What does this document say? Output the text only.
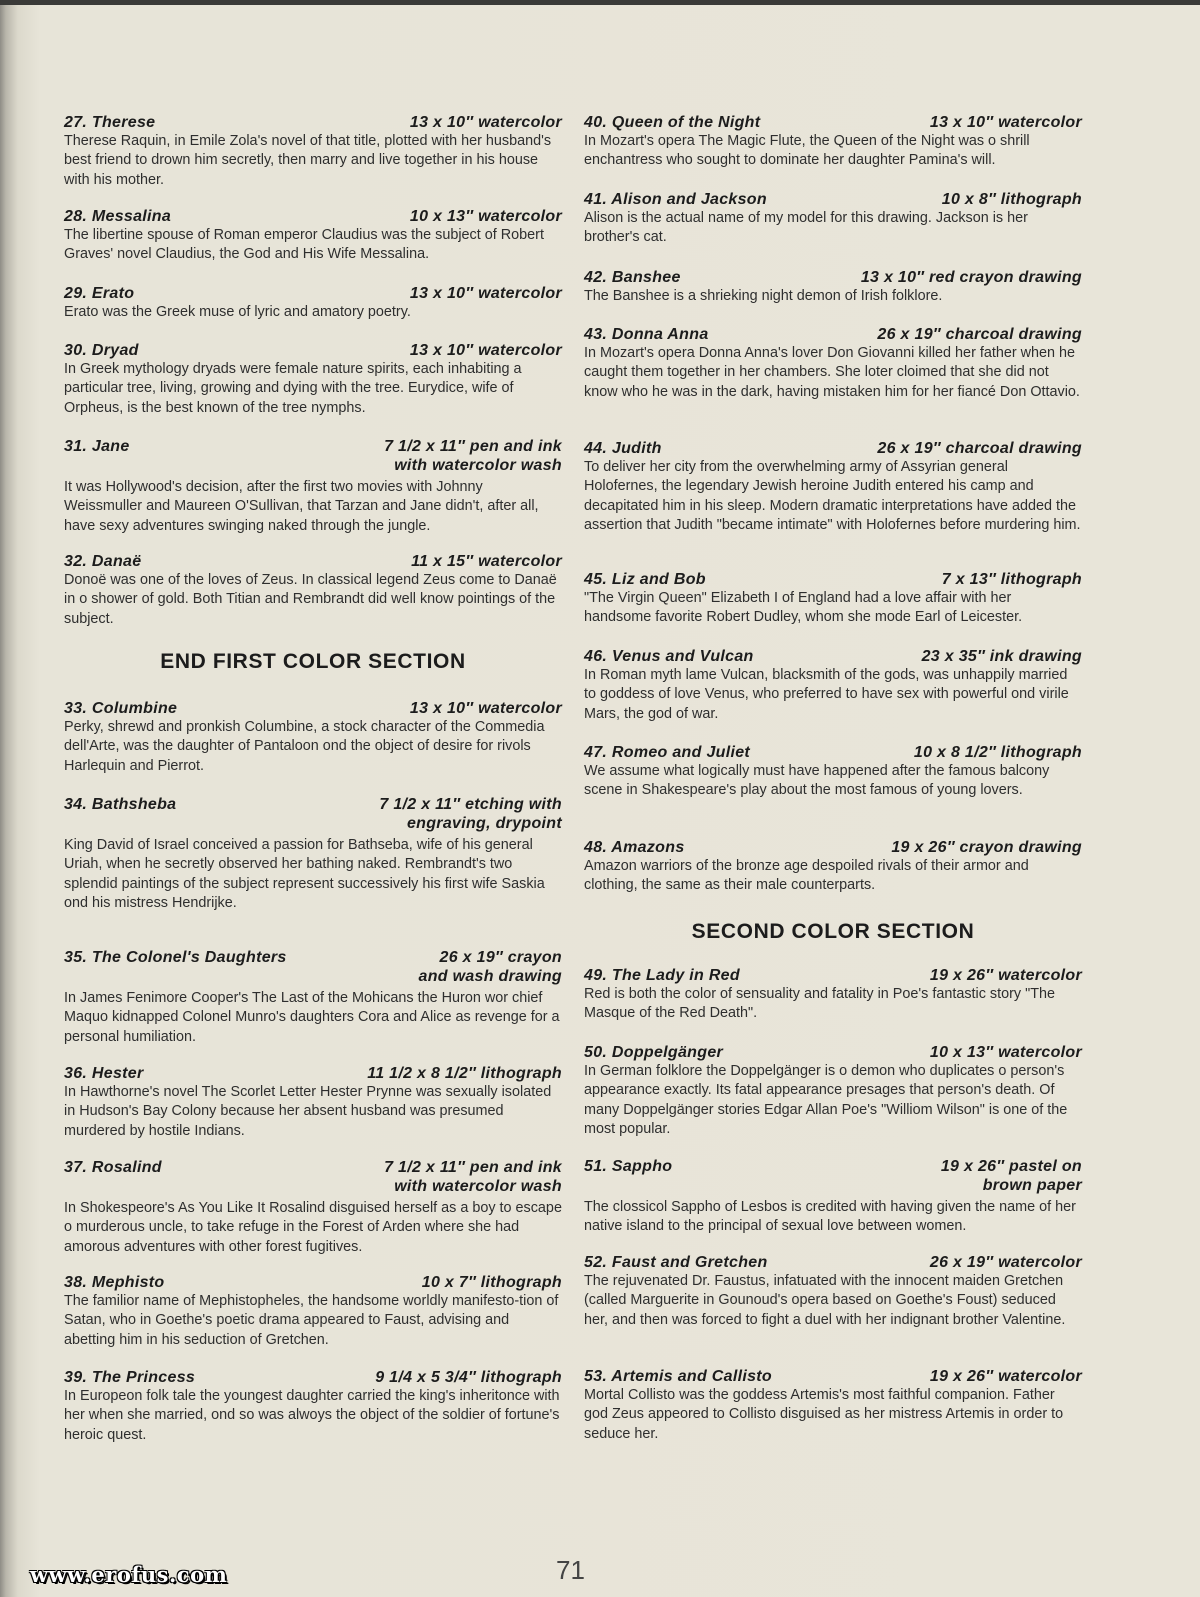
27. Therese	13 x 10″ watercolor
Therese Raquin, in Emile Zola's novel of that title, plotted with her husband's best friend to drown him secretly, then marry and live together in his house with his mother.
28. Messalina	10 x 13″ watercolor
The libertine spouse of Roman emperor Claudius was the subject of Robert Graves' novel Claudius, the God and His Wife Messalina.
29. Erato	13 x 10″ watercolor
Erato was the Greek muse of lyric and amatory poetry.
30. Dryad	13 x 10″ watercolor
In Greek mythology dryads were female nature spirits, each inhabiting a particular tree, living, growing and dying with the tree. Eurydice, wife of Orpheus, is the best known of the tree nymphs.
31. Jane	7 1/2 x 11″ pen and ink
with watercolor wash
It was Hollywood's decision, after the first two movies with Johnny Weissmuller and Maureen O'Sullivan, that Tarzan and Jane didn't, after all, have sexy adventures swinging naked through the jungle.
32. Danaë	11 x 15″ watercolor
Donoë was one of the loves of Zeus. In classical legend Zeus come to Danaë in o shower of gold. Both Titian and Rembrandt did well know pointings of the subject.
END FIRST COLOR SECTION
33. Columbine	13 x 10″ watercolor
Perky, shrewd and pronkish Columbine, a stock character of the Commedia dell'Arte, was the daughter of Pantaloon ond the object of desire for rivols Harlequin and Pierrot.
34. Bathsheba	7 1/2 x 11″ etching with
engraving, drypoint
King David of Israel conceived a passion for Bathseba, wife of his general Uriah, when he secretly observed her bathing naked. Rembrandt's two splendid paintings of the subject represent successively his first wife Saskia ond his mistress Hendrijke.
35. The Colonel's Daughters	26 x 19″ crayon
and wash drawing
In James Fenimore Cooper's The Last of the Mohicans the Huron wor chief Maquo kidnapped Colonel Munro's daughters Cora and Alice as revenge for a personal humiliation.
36. Hester	11 1/2 x 8 1/2″ lithograph
In Hawthorne's novel The Scorlet Letter Hester Prynne was sexually isolated in Hudson's Bay Colony because her absent husband was presumed murdered by hostile Indians.
37. Rosalind	7 1/2 x 11″ pen and ink
with watercolor wash
In Shokespeore's As You Like It Rosalind disguised herself as a boy to escape o murderous uncle, to take refuge in the Forest of Arden where she had amorous adventures with other forest fugitives.
38. Mephisto	10 x 7″ lithograph
The familior name of Mephistopheles, the handsome worldly manifesto-tion of Satan, who in Goethe's poetic drama appeared to Faust, advising and abetting him in his seduction of Gretchen.
39. The Princess	9 1/4 x 5 3/4″ lithograph
In Europeon folk tale the youngest daughter carried the king's inheritonce with her when she married, ond so was alwoys the object of the soldier of fortune's heroic quest.
40. Queen of the Night	13 x 10″ watercolor
In Mozart's opera The Magic Flute, the Queen of the Night was o shrill enchantress who sought to dominate her daughter Pamina's will.
41. Alison and Jackson	10 x 8″ lithograph
Alison is the actual name of my model for this drawing. Jackson is her brother's cat.
42. Banshee	13 x 10″ red crayon drawing
The Banshee is a shrieking night demon of Irish folklore.
43. Donna Anna	26 x 19″ charcoal drawing
In Mozart's opera Donna Anna's lover Don Giovanni killed her father when he caught them together in her chambers. She loter cloimed that she did not know who he was in the dark, having mistaken him for her fiancé Don Ottavio.
44. Judith	26 x 19″ charcoal drawing
To deliver her city from the overwhelming army of Assyrian general Holofernes, the legendary Jewish heroine Judith entered his camp and decapitated him in his sleep. Modern dramatic interpretations have added the assertion that Judith "became intimate" with Holofernes before murdering him.
45. Liz and Bob	7 x 13″ lithograph
"The Virgin Queen" Elizabeth I of England had a love affair with her handsome favorite Robert Dudley, whom she mode Earl of Leicester.
46. Venus and Vulcan	23 x 35″ ink drawing
In Roman myth lame Vulcan, blacksmith of the gods, was unhappily married to goddess of love Venus, who preferred to have sex with powerful ond virile Mars, the god of war.
47. Romeo and Juliet	10 x 8 1/2″ lithograph
We assume what logically must have happened after the famous balcony scene in Shakespeare's play about the most famous of young lovers.
48. Amazons	19 x 26″ crayon drawing
Amazon warriors of the bronze age despoiled rivals of their armor and clothing, the same as their male counterparts.
SECOND COLOR SECTION
49. The Lady in Red	19 x 26″ watercolor
Red is both the color of sensuality and fatality in Poe's fantastic story "The Masque of the Red Death".
50. Doppelgänger	10 x 13″ watercolor
In German folklore the Doppelgänger is o demon who duplicates o person's appearance exactly. Its fatal appearance presages that person's death. Of many Doppelgänger stories Edgar Allan Poe's "Williom Wilson" is one of the most popular.
51. Sappho	19 x 26″ pastel on
brown paper
The clossicol Sappho of Lesbos is credited with having given the name of her native island to the principal of sexual love between women.
52. Faust and Gretchen	26 x 19″ watercolor
The rejuvenated Dr. Faustus, infatuated with the innocent maiden Gretchen (called Marguerite in Gounoud's opera based on Goethe's Foust) seduced her, and then was forced to fight a duel with her indignant brother Valentine.
53. Artemis and Callisto	19 x 26″ watercolor
Mortal Collisto was the goddess Artemis's most faithful companion. Father god Zeus appeored to Collisto disguised as her mistress Artemis in order to seduce her.
71
www.erofus.com
